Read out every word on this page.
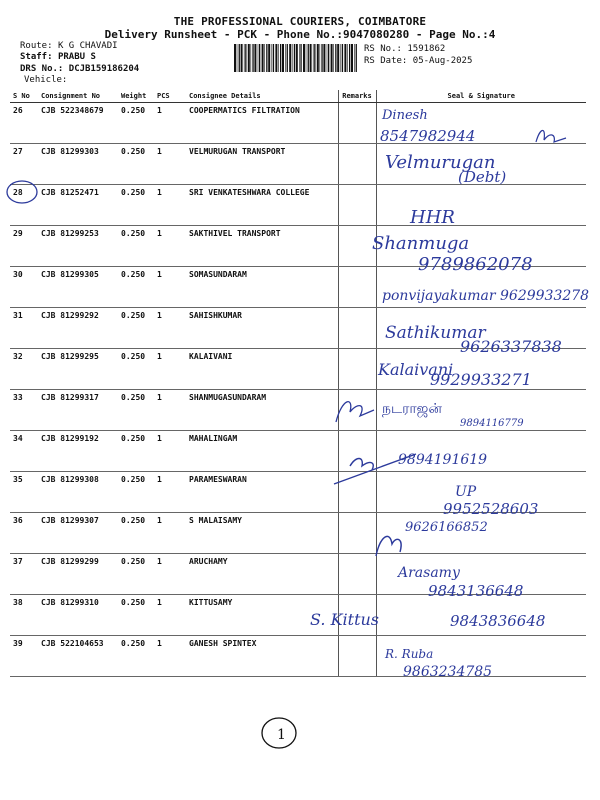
THE PROFESSIONAL COURIERS, COIMBATORE
Delivery Runsheet - PCK - Phone No.:9047080280 - Page No.:4
Route: K G CHAVADI
Staff: PRABU S
DRS No.: DCJB159186204
Vehicle:
RS No.: 1591862
RS Date: 05-Aug-2025
S No	Consignment No	Weight	PCS	Consignee Details	Remarks	Seal & Signature
26	CJB 522348679	0.250	1	COOPERMATICS FILTRATION		
27	CJB 81299303	0.250	1	VELMURUGAN TRANSPORT		
28	CJB 81252471	0.250	1	SRI VENKATESHWARA COLLEGE		
29	CJB 81299253	0.250	1	SAKTHIVEL TRANSPORT		
30	CJB 81299305	0.250	1	SOMASUNDARAM		
31	CJB 81299292	0.250	1	SAHISHKUMAR		
32	CJB 81299295	0.250	1	KALAIVANI		
33	CJB 81299317	0.250	1	SHANMUGASUNDARAM		
34	CJB 81299192	0.250	1	MAHALINGAM		
35	CJB 81299308	0.250	1	PARAMESWARAN		
36	CJB 81299307	0.250	1	S MALAISAMY		
37	CJB 81299299	0.250	1	ARUCHAMY		
38	CJB 81299310	0.250	1	KITTUSAMY		
39	CJB 522104653	0.250	1	GANESH SPINTEX		
Dinesh
8547982944
Velmurugan
(Debt)
HHR
Shanmuga
9789862078
ponvijayakumar 9629933278
Sathikumar
9626337838
Kalaivani
9929933271
நடராஜன்
9894116779
9894191619
UP
9952528603
9626166852
Arasamy
9843136648
S. Kittus	9843836648
R. Ruba
9863234785
1
